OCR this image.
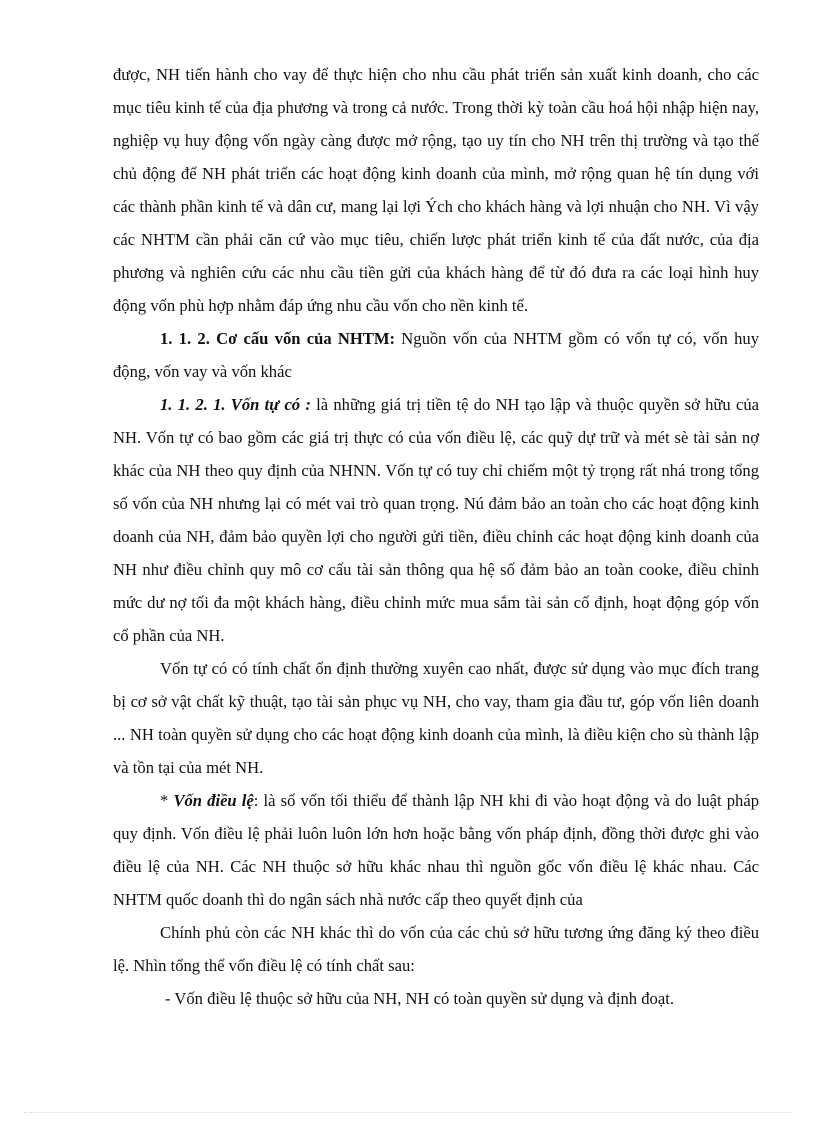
được, NH tiến hành cho vay để thực hiện cho nhu cầu phát triển sản xuất kinh doanh, cho các mục tiêu kinh tế của địa phương và trong cả nước. Trong thời kỳ toàn cầu hoá hội nhập hiện nay, nghiệp vụ huy động vốn ngày càng được mở rộng, tạo uy tín cho NH trên thị trường và tạo thế chủ động để NH phát triển các hoạt động kinh doanh của mình, mở rộng quan hệ tín dụng với các thành phần kinh tế và dân cư, mang lại lợi Ých cho khách hàng và lợi nhuận cho NH. Vì vậy các NHTM cần phải căn cứ vào mục tiêu, chiến lược phát triển kinh tế của đất nước, của địa phương và nghiên cứu các nhu cầu tiền gửi của khách hàng để từ đó đưa ra các loại hình huy động vốn phù hợp nhằm đáp ứng nhu cầu vốn cho nền kinh tế.

1. 1. 2. Cơ cấu vốn của NHTM: Nguồn vốn của NHTM gồm có vốn tự có, vốn huy động, vốn vay và vốn khác

1. 1. 2. 1. Vốn tự có : là những giá trị tiền tệ do NH tạo lập và thuộc quyền sở hữu của NH. Vốn tự có bao gồm các giá trị thực có của vốn điều lệ, các quỹ dự trữ và mét sè tài sản nợ khác của NH theo quy định của NHNN. Vốn tự có tuy chỉ chiếm một tỷ trọng rất nhá trong tổng số vốn của NH nhưng lại có mét vai trò quan trọng. Nú đảm bảo an toàn cho các hoạt động kinh doanh của NH, đảm bảo quyền lợi cho người gửi tiền, điều chỉnh các hoạt động kinh doanh của NH như điều chỉnh quy mô cơ cấu tài sản thông qua hệ số đảm bảo an toàn cooke, điều chỉnh mức dư nợ tối đa một khách hàng, điều chỉnh mức mua sắm tài sản cố định, hoạt động góp vốn cổ phần của NH.

Vốn tự có có tính chất ổn định thường xuyên cao nhất, được sử dụng vào mục đích trang bị cơ sở vật chất kỹ thuật, tạo tài sản phục vụ NH, cho vay, tham gia đầu tư, góp vốn liên doanh ... NH toàn quyền sử dụng cho các hoạt động kinh doanh của mình, là điều kiện cho sù thành lập và tồn tại của mét NH.

* Vốn điều lệ: là số vốn tối thiểu để thành lập NH khi đi vào hoạt động và do luật pháp quy định. Vốn điều lệ phải luôn luôn lớn hơn hoặc bằng vốn pháp định, đồng thời được ghi vào điều lệ của NH. Các NH thuộc sở hữu khác nhau thì nguồn gốc vốn điều lệ khác nhau. Các NHTM quốc doanh thì do ngân sách nhà nước cấp theo quyết định của

Chính phủ còn các NH khác thì do vốn của các chủ sở hữu tương ứng đăng ký theo điều lệ. Nhìn tổng thể vốn điều lệ có tính chất sau:

- Vốn điều lệ thuộc sở hữu của NH, NH có toàn quyền sử dụng và định đoạt.
